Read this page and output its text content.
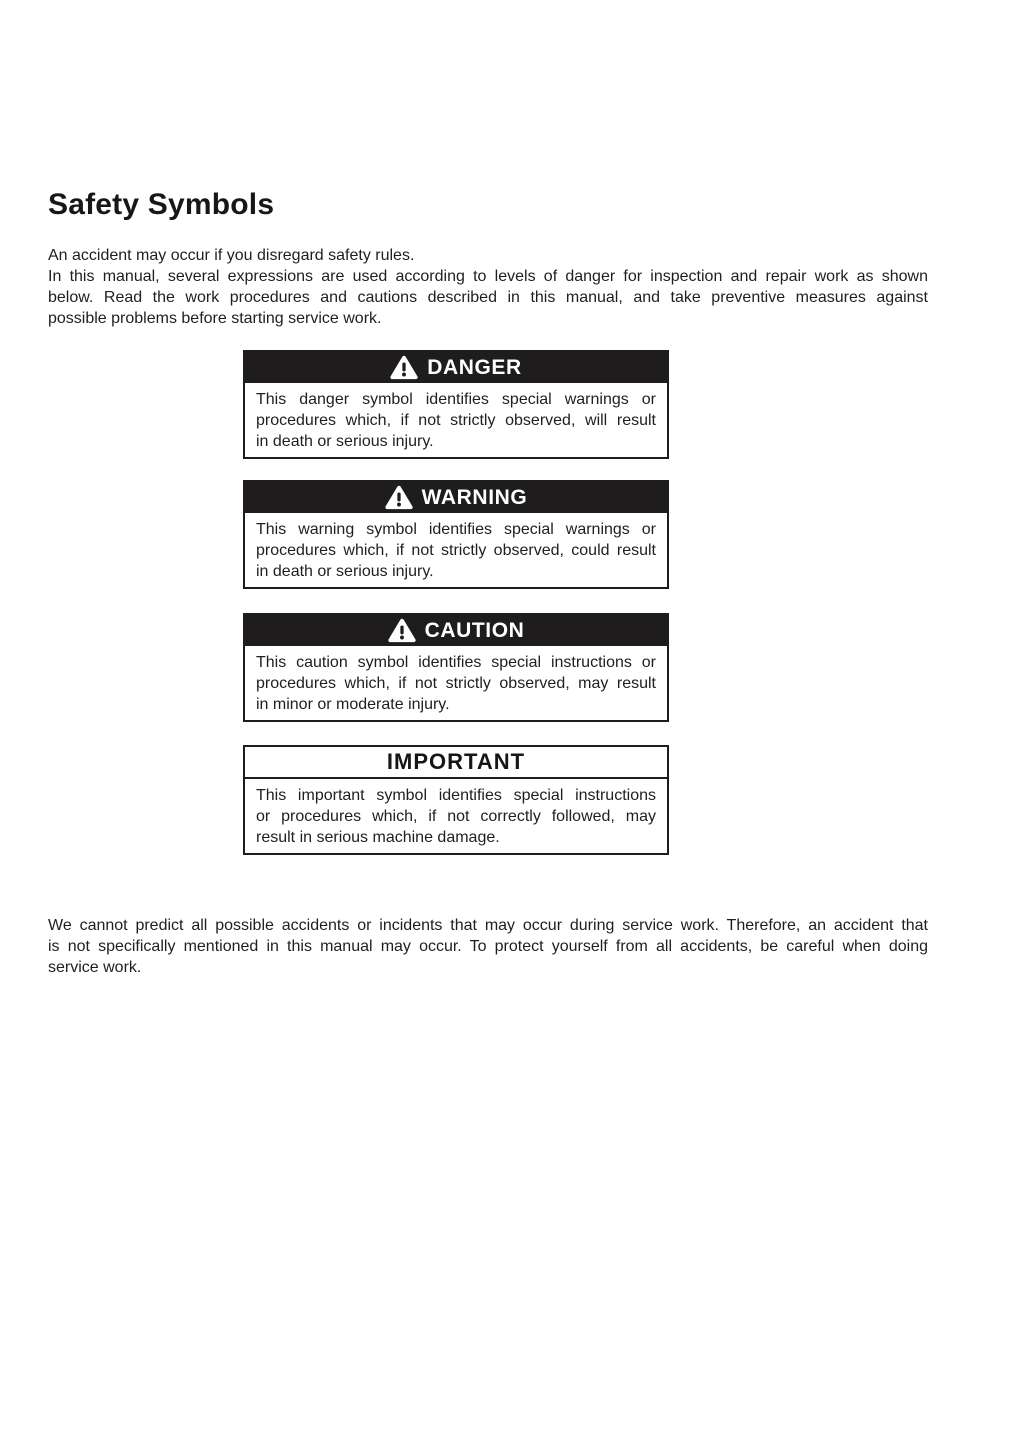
Safety Symbols
An accident may occur if you disregard safety rules.
In this manual, several expressions are used according to levels of danger for inspection and repair work as shown
below. Read the work procedures and cautions described in this manual, and take preventive measures against
possible problems before starting service work.
DANGER
This danger symbol identifies special warnings or
procedures which, if not strictly observed, will result
in death or serious injury.
WARNING
This warning symbol identifies special warnings or
procedures which, if not strictly observed, could result
in death or serious injury.
CAUTION
This caution symbol identifies special instructions or
procedures which, if not strictly observed, may result
in minor or moderate injury.
IMPORTANT
This important symbol identifies special instructions
or procedures which, if not correctly followed, may
result in serious machine damage.
We cannot predict all possible accidents or incidents that may occur during service work. Therefore, an accident that
is not specifically mentioned in this manual may occur. To protect yourself from all accidents, be careful when doing
service work.
